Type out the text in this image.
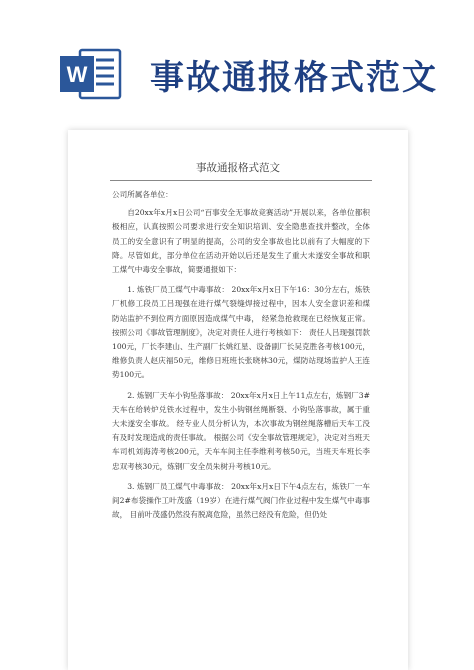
W 事故通报格式范文
事故通报格式范文

公司所属各单位：

自20xx年x月x日公司“百事安全无事故竞赛活动”开展以来，各单位都积极相应，认真按照公司要求进行安全知识培训、安全隐患查找并整改，全体员工的安全意识有了明显的提高，公司的安全事故也比以前有了大幅度的下降。尽管如此，部分单位在活动开始以后还是发生了重大未遂安全事故和职工煤气中毒安全事故，简要通报如下：

1. 炼铁厂员工煤气中毒事故： 20xx年x月x日下午16：30分左右，炼铁厂机修工段员工吕现强在进行煤气裂缝焊接过程中，因本人安全意识差和煤防站监护不到位两方面原因造成煤气中毒， 经紧急抢救现在已经恢复正常。按照公司《事故管理制度》，决定对责任人进行考核如下： 责任人吕现强罚款100元，厂长李建山、生产副厂长姚红星、设备副厂长吴克胜各考核100元，维修负责人赵庆福50元，维修日班班长张晓林30元，煤防站现场监护人王连势100元。

2. 炼钢厂天车小钩坠落事故： 20xx年x月x日上午11点左右，炼钢厂3#天车在给转炉兑铁水过程中，发生小钩钢丝绳断裂、小钩坠落事故，属于重大未遂安全事故。 经专业人员分析认为，本次事故为钢丝绳落槽后天车工没有及时发现造成的责任事故。 根据公司《安全事故管理规定》，决定对当班天车司机刘海涛考核200元，天车车间主任李维利考核50元，当班天车班长李忠双考核30元，炼钢厂安全员朱树升考核10元。

3. 炼钢厂员工煤气中毒事故： 20xx年x月x日下午4点左右，炼铁厂一车间2#布袋操作工叶茂盛（19岁）在进行煤气阀门作业过程中发生煤气中毒事故， 目前叶茂盛仍然没有脱离危险，虽然已经没有危险，但仍处
